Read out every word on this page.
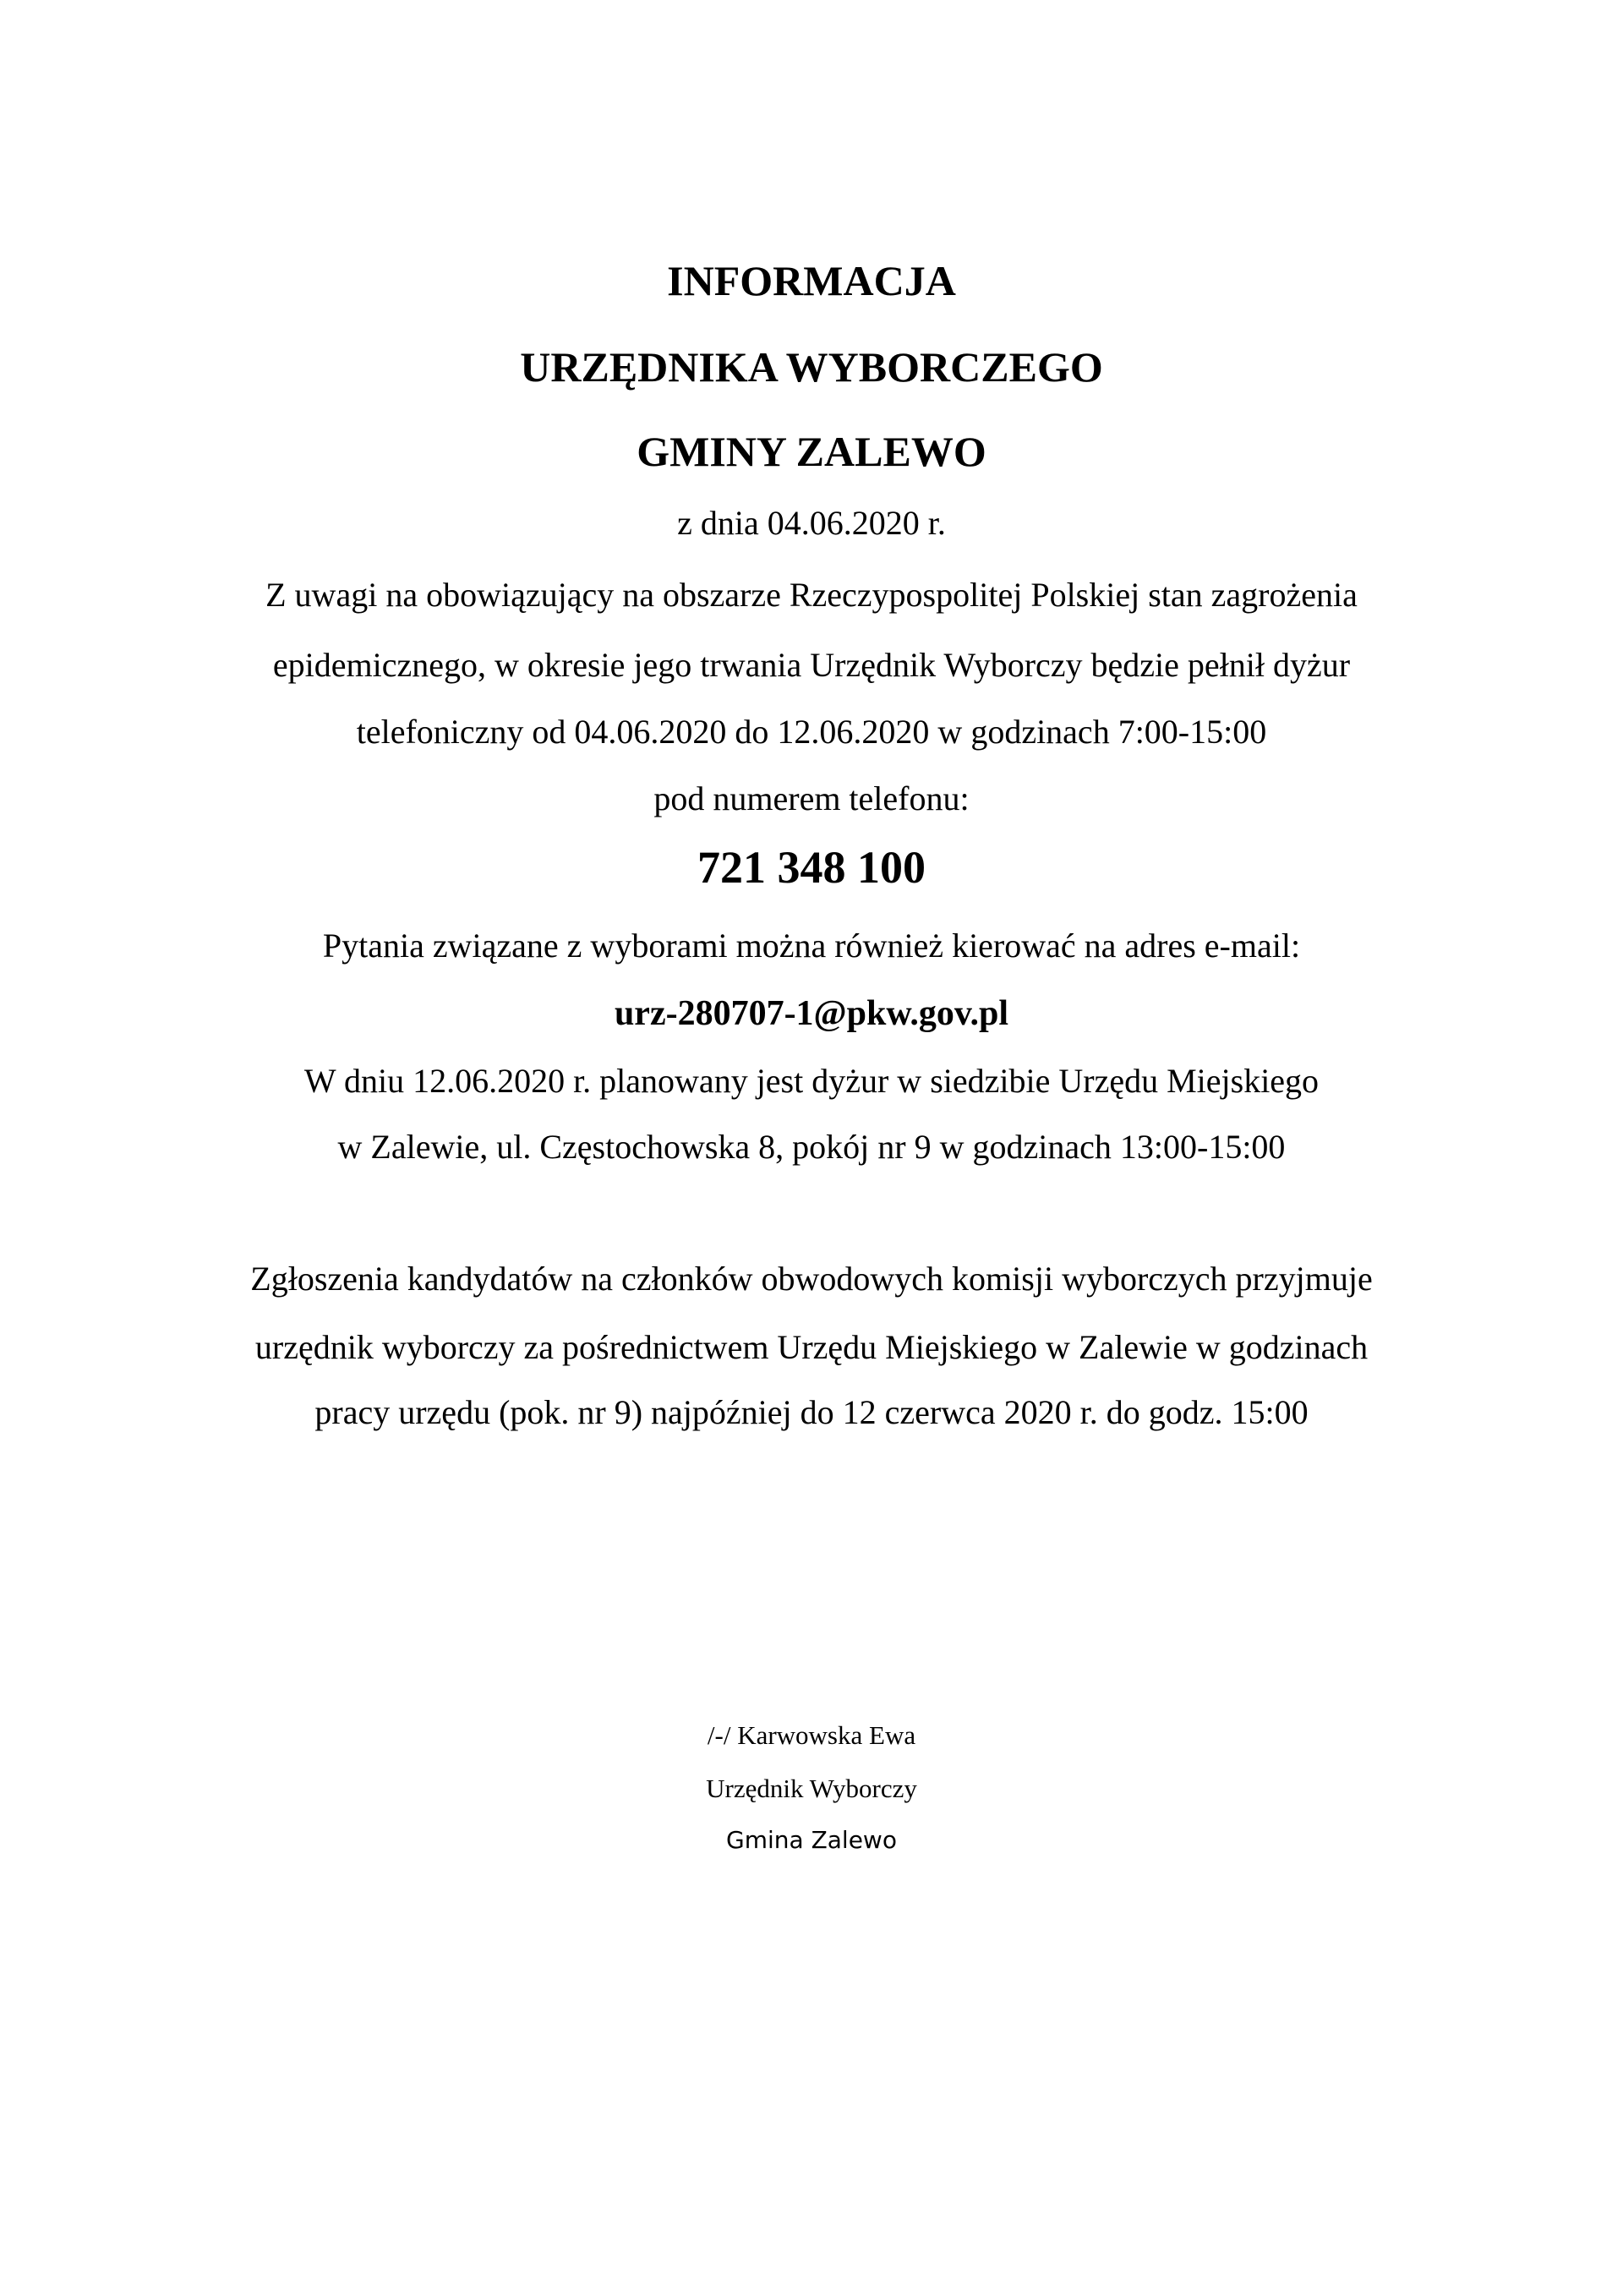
INFORMACJA
URZĘDNIKA WYBORCZEGO
GMINY ZALEWO
z dnia 04.06.2020 r.
Z uwagi na obowiązujący na obszarze Rzeczypospolitej Polskiej stan zagrożenia
epidemicznego, w okresie jego trwania Urzędnik Wyborczy będzie pełnił dyżur
telefoniczny od 04.06.2020 do 12.06.2020 w godzinach 7:00-15:00
pod numerem telefonu:
721 348 100
Pytania związane z wyborami można również kierować na adres e-mail:
urz-280707-1@pkw.gov.pl
W dniu 12.06.2020 r. planowany jest dyżur w siedzibie Urzędu Miejskiego
w Zalewie, ul. Częstochowska 8, pokój nr 9 w godzinach 13:00-15:00
Zgłoszenia kandydatów na członków obwodowych komisji wyborczych przyjmuje
urzędnik wyborczy za pośrednictwem Urzędu Miejskiego w Zalewie w godzinach
pracy urzędu (pok. nr 9) najpóźniej do 12 czerwca 2020 r. do godz. 15:00
/-/ Karwowska Ewa
Urzędnik Wyborczy
Gmina Zalewo
